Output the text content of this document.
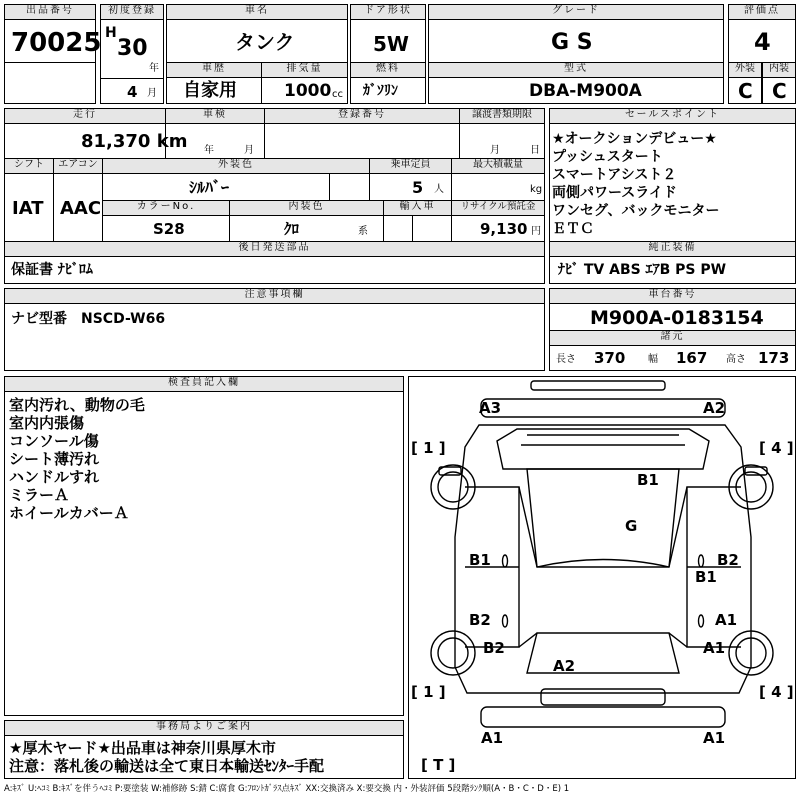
出品番号
70025
初度登録
H
30
年
4 月
車名
タンク
車歴
自家用
排気量
1000 cc
ドア形状
5W
燃料
ｶﾞｿﾘﾝ
グレード
G S
型式
DBA-M900A
評価点
4
外装	内装
C C
走行
81,370 km
車検
年	月
登録番号	譲渡書類期限
月	日
シフト	エアコン
IAT AAC
外装色
ｼﾙﾊﾞｰ
乗車定員
5 人
最大積載量
kg
カラーNo.
S28
内装色
ｸﾛ	系
輸入車	リサイクル預託金
9,130 円
セールスポイント
★オークションデビュー★
プッシュスタート
スマートアシスト２
両側パワースライド
ワンセグ、バックモニター
ＥＴＣ
後日発送部品
保証書 ﾅﾋﾞﾛﾑ
純正装備
ﾅﾋﾞ TV ABS ｴｱB PS PW
注意事項欄
ナビ型番　NSCD-W66
車台番号
M900A-0183154
諸元
長さ 370 幅 167 高さ 173
検査員記入欄
室内汚れ、動物の毛
室内内張傷
コンソール傷
シート薄汚れ
ハンドルすれ
ミラーＡ
ホイールカバーＡ
事務局よりご案内
★厚木ヤード★出品車は神奈川県厚木市
注意：落札後の輸送は全て東日本輸送ｾﾝﾀｰ手配
A3	A2
B1
G
B1	B2
B1
B2	A1
B2	A1
A2
A1	A1
[ 1 ]	[ 4 ]
[ 1 ]	[ 4 ]
[ T ]
A:ｷｽﾞ U:ﾍｺﾐ B:ｷｽﾞを伴うﾍｺﾐ P:要塗装 W:補修跡 S:錆 C:腐食 G:ﾌﾛﾝﾄｶﾞﾗｽ点ｷｽﾞ XX:交換済み X:要交換 内・外装評価 5段階ﾗﾝｸ順(A・B・C・D・E) 1
